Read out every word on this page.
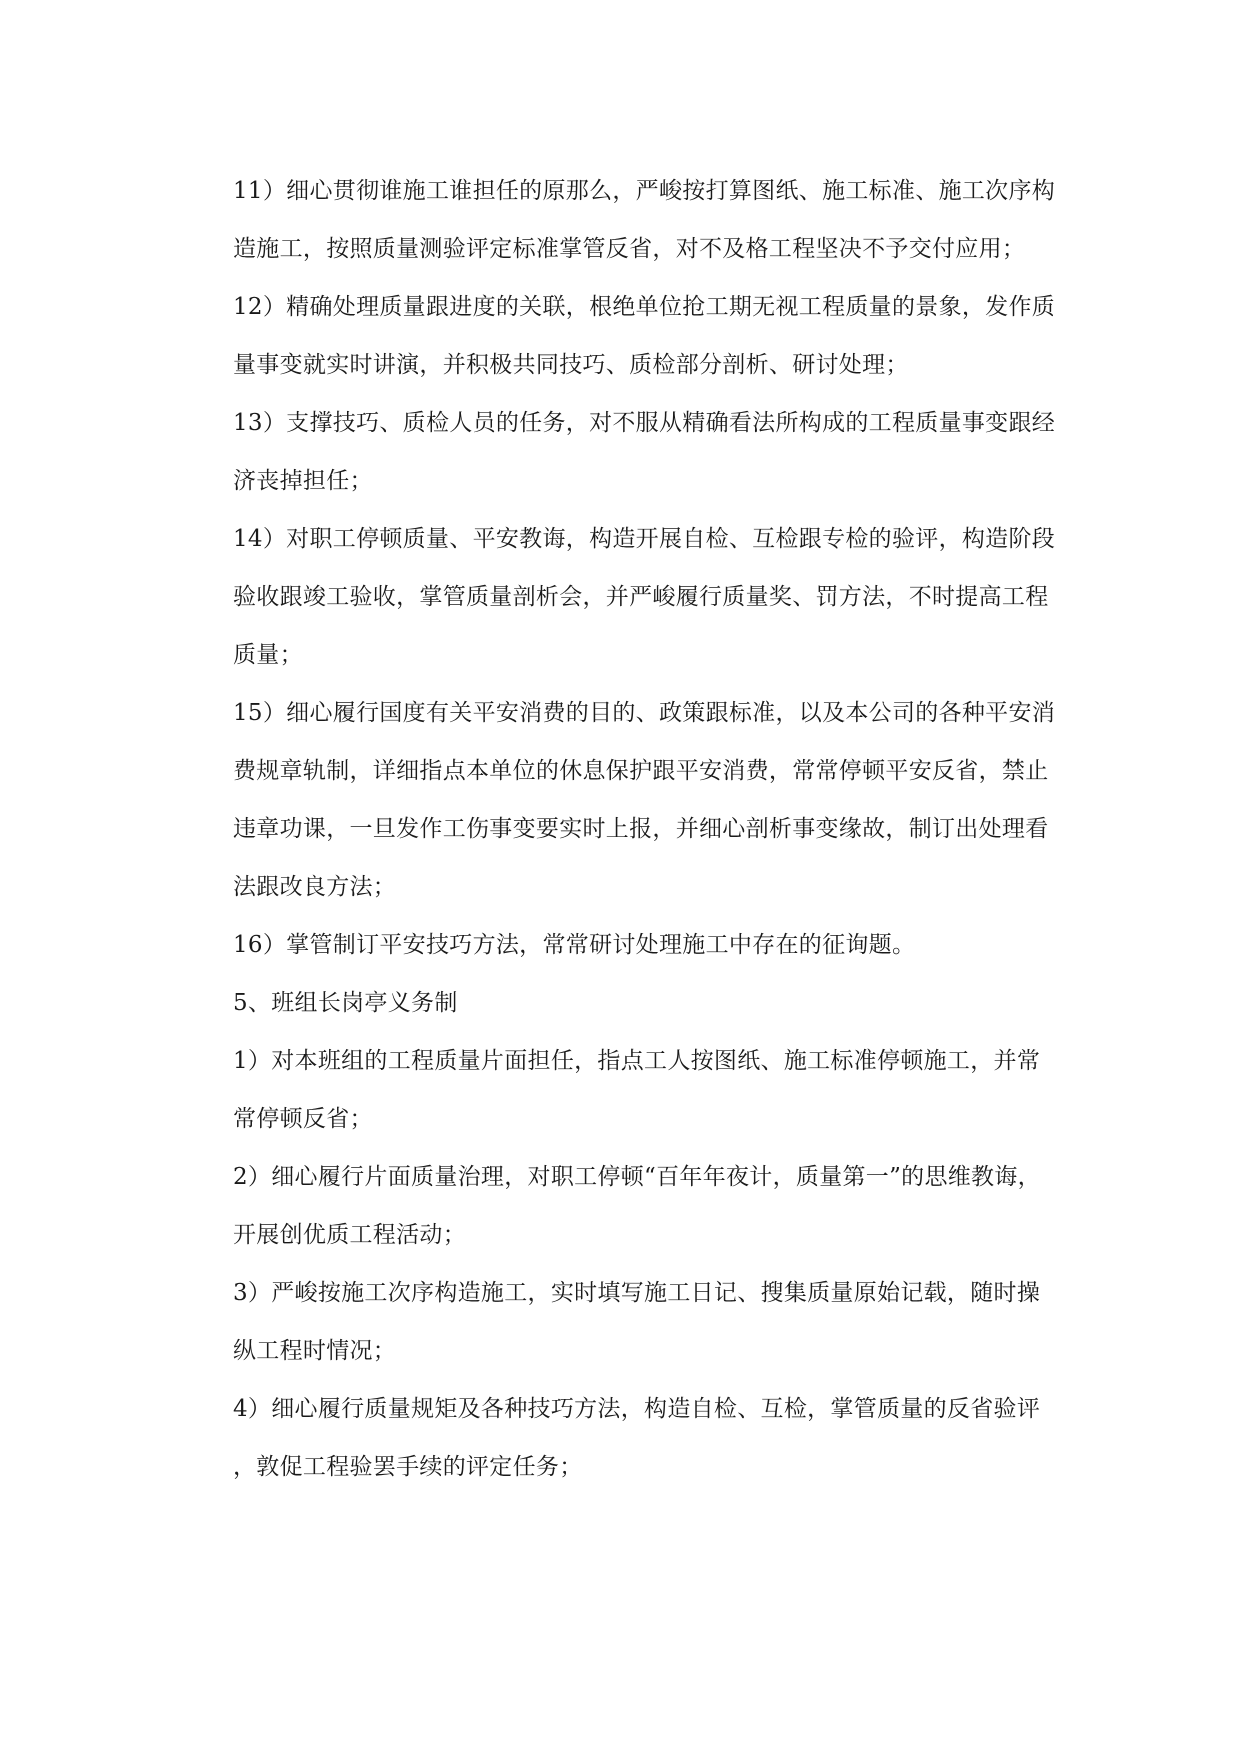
11）细心贯彻谁施工谁担任的原那么，严峻按打算图纸、施工标准、施工次序构
造施工，按照质量测验评定标准掌管反省，对不及格工程坚决不予交付应用；
12）精确处理质量跟进度的关联，根绝单位抢工期无视工程质量的景象，发作质
量事变就实时讲演，并积极共同技巧、质检部分剖析、研讨处理；
13）支撑技巧、质检人员的任务，对不服从精确看法所构成的工程质量事变跟经
济丧掉担任；
14）对职工停顿质量、平安教诲，构造开展自检、互检跟专检的验评，构造阶段
验收跟竣工验收，掌管质量剖析会，并严峻履行质量奖、罚方法，不时提高工程
质量；
15）细心履行国度有关平安消费的目的、政策跟标准，以及本公司的各种平安消
费规章轨制，详细指点本单位的休息保护跟平安消费，常常停顿平安反省，禁止
违章功课，一旦发作工伤事变要实时上报，并细心剖析事变缘故，制订出处理看
法跟改良方法；
16）掌管制订平安技巧方法，常常研讨处理施工中存在的征询题。
5、班组长岗亭义务制
1）对本班组的工程质量片面担任，指点工人按图纸、施工标准停顿施工，并常
常停顿反省；
2）细心履行片面质量治理，对职工停顿“百年年夜计，质量第一”的思维教诲，
开展创优质工程活动；
3）严峻按施工次序构造施工，实时填写施工日记、搜集质量原始记载，随时操
纵工程时情况；
4）细心履行质量规矩及各种技巧方法，构造自检、互检，掌管质量的反省验评
，敦促工程验罢手续的评定任务；
